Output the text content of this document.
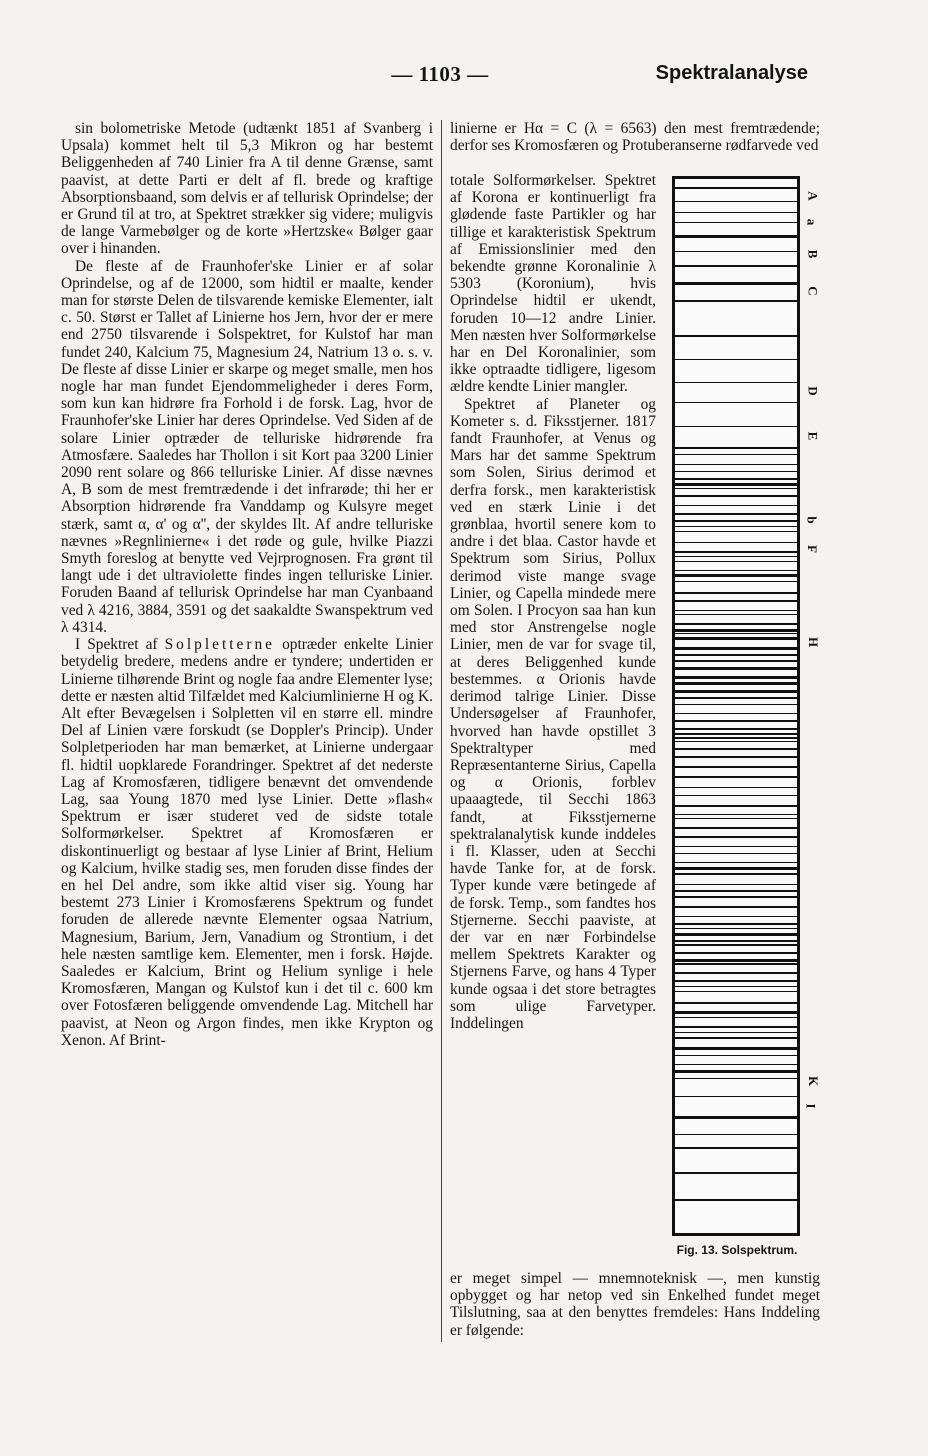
— 1103 —	Spektralanalyse

sin bolometriske Metode (udtænkt 1851 af Svanberg i Upsala) kommet helt til 5,3 Mikron og har bestemt Beliggenheden af 740 Linier fra A til denne Grænse, samt paavist, at dette Parti er delt af fl. brede og kraftige Absorptionsbaand, som delvis er af tellurisk Oprindelse; der er Grund til at tro, at Spektret strækker sig videre; muligvis de lange Varmebølger og de korte »Hertzske« Bølger gaar over i hinanden.

De fleste af de Fraunhofer'ske Linier er af solar Oprindelse, og af de 12000, som hidtil er maalte, kender man for største Delen de tilsvarende kemiske Elementer, ialt c. 50. Størst er Tallet af Linierne hos Jern, hvor der er mere end 2750 tilsvarende i Solspektret, for Kulstof har man fundet 240, Kalcium 75, Magnesium 24, Natrium 13 o. s. v. De fleste af disse Linier er skarpe og meget smalle, men hos nogle har man fundet Ejendommeligheder i deres Form, som kun kan hidrøre fra Forhold i de forsk. Lag, hvor de Fraunhofer'ske Linier har deres Oprindelse. Ved Siden af de solare Linier optræder de telluriske hidrørende fra Atmosfære. Saaledes har Thollon i sit Kort paa 3200 Linier 2090 rent solare og 866 telluriske Linier. Af disse nævnes A, B som de mest fremtrædende i det infrarøde; thi her er Absorption hidrørende fra Vanddamp og Kulsyre meget stærk, samt α, α' og α'', der skyldes Ilt. Af andre telluriske nævnes »Regnlinierne« i det røde og gule, hvilke Piazzi Smyth foreslog at benytte ved Vejrprognosen. Fra grønt til langt ude i det ultraviolette findes ingen telluriske Linier. Foruden Baand af tellurisk Oprindelse har man Cyanbaand ved λ 4216, 3884, 3591 og det saakaldte Swanspektrum ved λ 4314.

I Spektret af Solpletterne optræder enkelte Linier betydelig bredere, medens andre er tyndere; undertiden er Linierne tilhørende Brint og nogle faa andre Elementer lyse; dette er næsten altid Tilfældet med Kalciumlinierne H og K. Alt efter Bevægelsen i Solpletten vil en større ell. mindre Del af Linien være forskudt (se Doppler's Princip). Under Solpletperioden har man bemærket, at Linierne undergaar fl. hidtil uopklarede Forandringer. Spektret af det nederste Lag af Kromosfæren, tidligere benævnt det omvendende Lag, saa Young 1870 med lyse Linier. Dette »flash« Spektrum er især studeret ved de sidste totale Solformørkelser. Spektret af Kromosfæren er diskontinuerligt og bestaar af lyse Linier af Brint, Helium og Kalcium, hvilke stadig ses, men foruden disse findes der en hel Del andre, som ikke altid viser sig. Young har bestemt 273 Linier i Kromosfærens Spektrum og fundet foruden de allerede nævnte Elementer ogsaa Natrium, Magnesium, Barium, Jern, Vanadium og Strontium, i det hele næsten samtlige kem. Elementer, men i forsk. Højde. Saaledes er Kalcium, Brint og Helium synlige i hele Kromosfæren, Mangan og Kulstof kun i det til c. 600 km over Fotosfæren beliggende omvendende Lag. Mitchell har paavist, at Neon og Argon findes, men ikke Krypton og Xenon. Af Brint-

linierne er Hα = C (λ = 6563) den mest fremtrædende; derfor ses Kromosfæren og Protuberanserne rødfarvede ved

totale Solformørkelser. Spektret af Korona er kontinuerligt fra glødende faste Partikler og har tillige et karakteristisk Spektrum af Emissionslinier med den bekendte grønne Koronalinie λ 5303 (Koronium), hvis Oprindelse hidtil er ukendt, foruden 10—12 andre Linier. Men næsten hver Solformørkelse har en Del Koronalinier, som ikke optraadte tidligere, ligesom ældre kendte Linier mangler.

Spektret af Planeter og Kometer s. d. Fiksstjerner. 1817 fandt Fraunhofer, at Venus og Mars har det samme Spektrum som Solen, Sirius derimod et derfra forsk., men karakteristisk ved en stærk Linie i det grønblaa, hvortil senere kom to andre i det blaa. Castor havde et Spektrum som Sirius, Pollux derimod viste mange svage Linier, og Capella mindede mere om Solen. I Procyon saa han kun med stor Anstrengelse nogle Linier, men de var for svage til, at deres Beliggenhed kunde bestemmes. α Orionis havde derimod talrige Linier. Disse Undersøgelser af Fraunhofer, hvorved han havde opstillet 3 Spektraltyper med Repræsentanterne Sirius, Capella og α Orionis, forblev upaaagtede, til Secchi 1863 fandt, at Fiksstjernerne spektralanalytisk kunde inddeles i fl. Klasser, uden at Secchi havde Tanke for, at de forsk. Typer kunde være betingede af de forsk. Temp., som fandtes hos Stjernerne. Secchi paaviste, at der var en nær Forbindelse mellem Spektrets Karakter og Stjernens Farve, og hans 4 Typer kunde ogsaa i det store betragtes som ulige Farvetyper. Inddelingen

A
a
B
C
D
E
b
F
H
K
I
Fig. 13. Solspektrum.

er meget simpel — mnemnoteknisk —, men kunstig opbygget og har netop ved sin Enkelhed fundet meget Tilslutning, saa at den benyttes fremdeles: Hans Inddeling er følgende:
